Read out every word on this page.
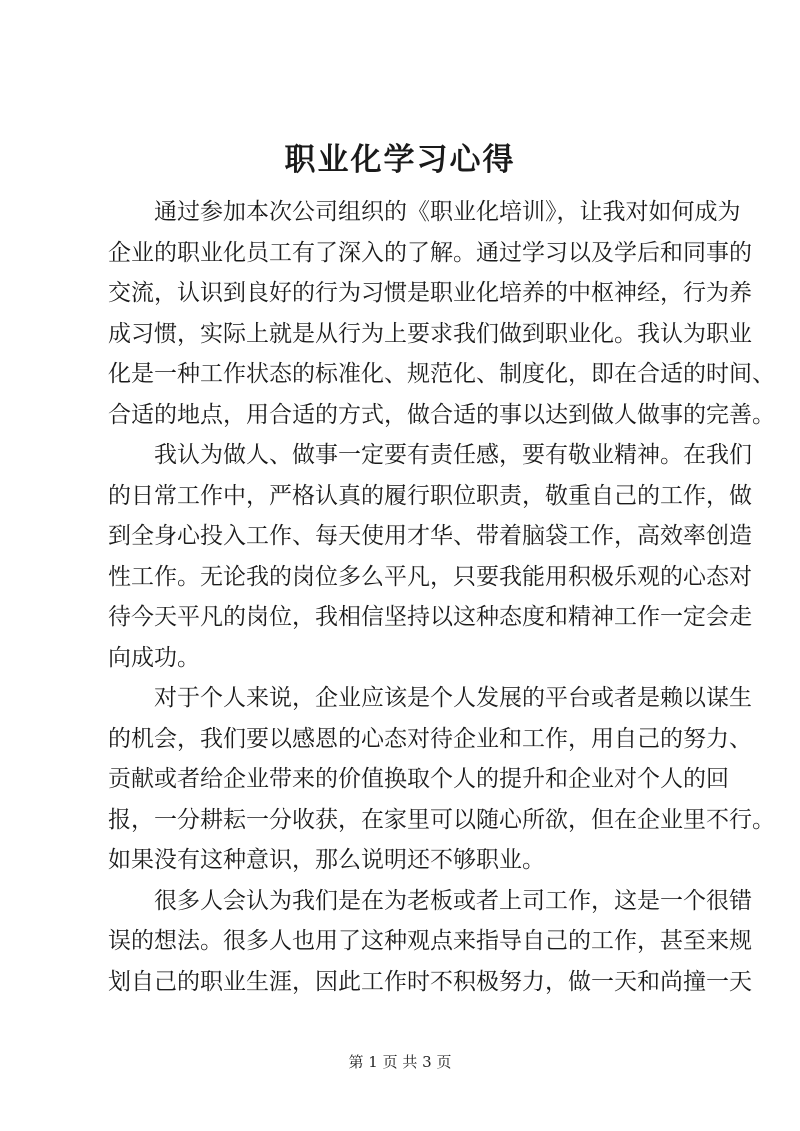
职业化学习心得
通过参加本次公司组织的《职业化培训》，让我对如何成为
企业的职业化员工有了深入的了解。通过学习以及学后和同事的
交流，认识到良好的行为习惯是职业化培养的中枢神经，行为养
成习惯，实际上就是从行为上要求我们做到职业化。我认为职业
化是一种工作状态的标准化、规范化、制度化，即在合适的时间、
合适的地点，用合适的方式，做合适的事以达到做人做事的完善。
我认为做人、做事一定要有责任感，要有敬业精神。在我们
的日常工作中，严格认真的履行职位职责，敬重自己的工作，做
到全身心投入工作、每天使用才华、带着脑袋工作，高效率创造
性工作。无论我的岗位多么平凡，只要我能用积极乐观的心态对
待今天平凡的岗位，我相信坚持以这种态度和精神工作一定会走
向成功。
对于个人来说，企业应该是个人发展的平台或者是赖以谋生
的机会，我们要以感恩的心态对待企业和工作，用自己的努力、
贡献或者给企业带来的价值换取个人的提升和企业对个人的回
报，一分耕耘一分收获，在家里可以随心所欲，但在企业里不行。
如果没有这种意识，那么说明还不够职业。
很多人会认为我们是在为老板或者上司工作，这是一个很错
误的想法。很多人也用了这种观点来指导自己的工作，甚至来规
划自己的职业生涯，因此工作时不积极努力，做一天和尚撞一天
第 1 页 共 3 页
